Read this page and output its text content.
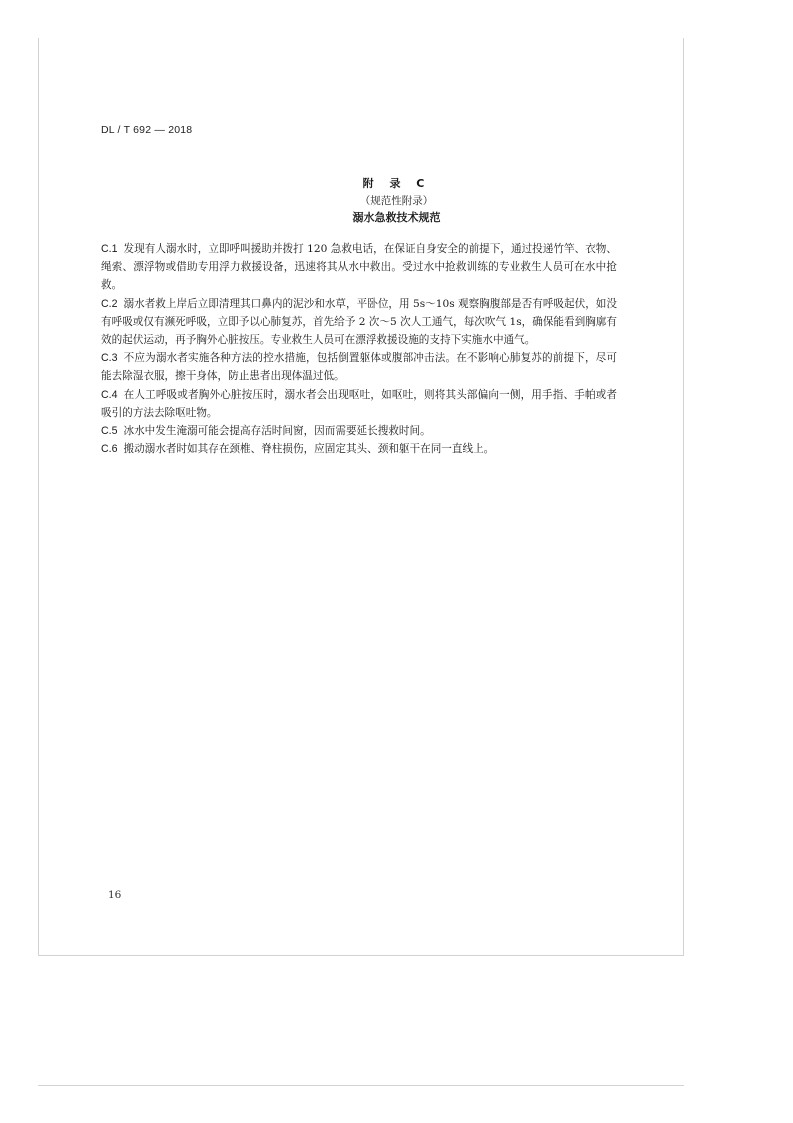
DL / T 692 — 2018
附 录 C
（规范性附录）
溺水急救技术规范

C.1 发现有人溺水时，立即呼叫援助并拨打 120 急救电话，在保证自身安全的前提下，通过投递竹竿、衣物、绳索、漂浮物或借助专用浮力救援设备，迅速将其从水中救出。受过水中抢救训练的专业救生人员可在水中抢救。

C.2 溺水者救上岸后立即清理其口鼻内的泥沙和水草，平卧位，用 5s～10s 观察胸腹部是否有呼吸起伏，如没有呼吸或仅有濒死呼吸，立即予以心肺复苏，首先给予 2 次～5 次人工通气，每次吹气 1s，确保能看到胸廓有效的起伏运动，再予胸外心脏按压。专业救生人员可在漂浮救援设施的支持下实施水中通气。

C.3 不应为溺水者实施各种方法的控水措施，包括倒置躯体或腹部冲击法。在不影响心肺复苏的前提下，尽可能去除湿衣服，擦干身体，防止患者出现体温过低。

C.4 在人工呼吸或者胸外心脏按压时，溺水者会出现呕吐，如呕吐，则将其头部偏向一侧，用手指、手帕或者吸引的方法去除呕吐物。

C.5 冰水中发生淹溺可能会提高存活时间窗，因而需要延长搜救时间。

C.6 搬动溺水者时如其存在颈椎、脊柱损伤，应固定其头、颈和躯干在同一直线上。

16
